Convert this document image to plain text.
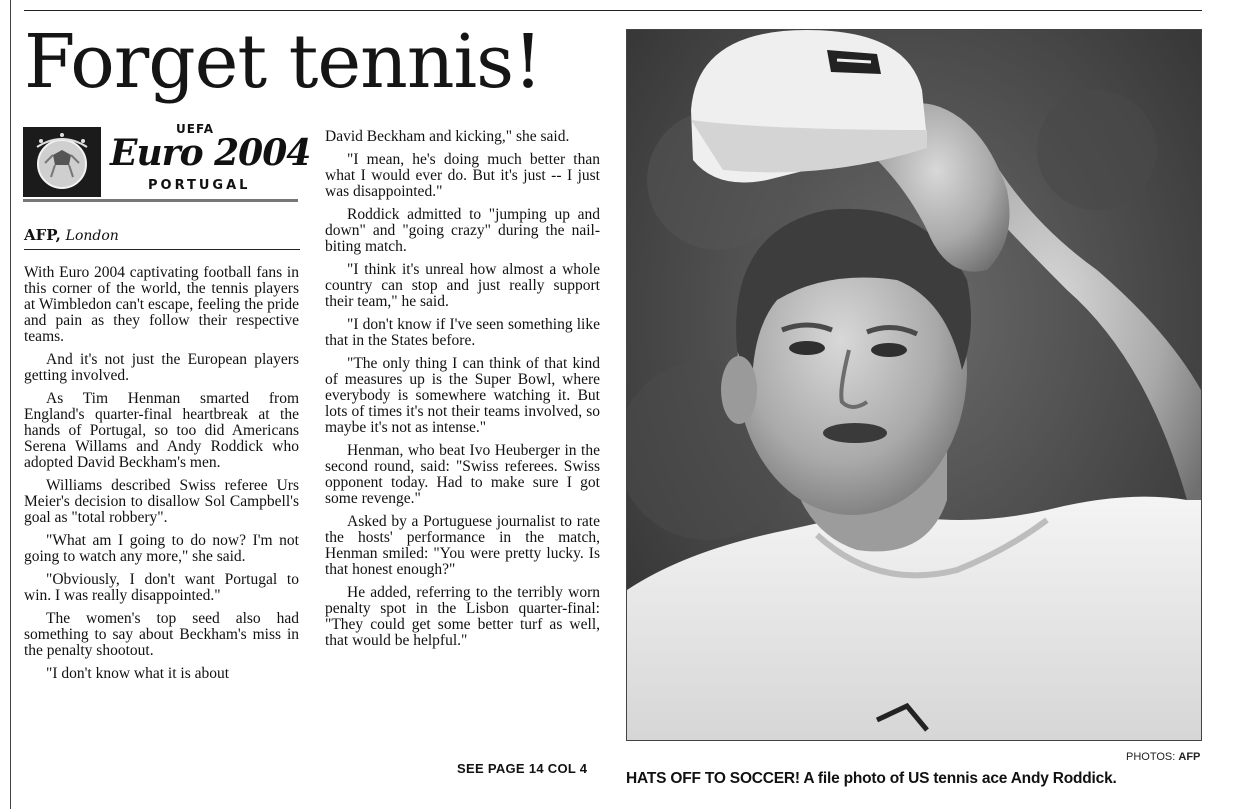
Forget tennis!
UEFA
Euro 2004
PORTUGAL
AFP, London

With Euro 2004 captivating football fans in this corner of the world, the tennis players at Wimbledon can't escape, feeling the pride and pain as they follow their respective teams.

And it's not just the European players getting involved.

As Tim Henman smarted from England's quarter-final heartbreak at the hands of Portugal, so too did Americans Serena Willams and Andy Roddick who adopted David Beckham's men.

Williams described Swiss referee Urs Meier's decision to disallow Sol Campbell's goal as "total robbery".

"What am I going to do now? I'm not going to watch any more," she said.

"Obviously, I don't want Portugal to win. I was really disappointed."

The women's top seed also had something to say about Beckham's miss in the penalty shootout.

"I don't know what it is about

David Beckham and kicking," she said.

"I mean, he's doing much better than what I would ever do. But it's just -- I just was disappointed."

Roddick admitted to "jumping up and down" and "going crazy" during the nail-biting match.

"I think it's unreal how almost a whole country can stop and just really support their team," he said.

"I don't know if I've seen something like that in the States before.

"The only thing I can think of that kind of measures up is the Super Bowl, where everybody is somewhere watching it. But lots of times it's not their teams involved, so maybe it's not as intense."

Henman, who beat Ivo Heuberger in the second round, said: "Swiss referees. Swiss opponent today. Had to make sure I got some revenge."

Asked by a Portuguese journalist to rate the hosts' performance in the match, Henman smiled: "You were pretty lucky. Is that honest enough?"

He added, referring to the terribly worn penalty spot in the Lisbon quarter-final: "They could get some better turf as well, that would be helpful."

SEE PAGE 14 COL 4
PHOTOS: AFP
HATS OFF TO SOCCER! A file photo of US tennis ace Andy Roddick.
